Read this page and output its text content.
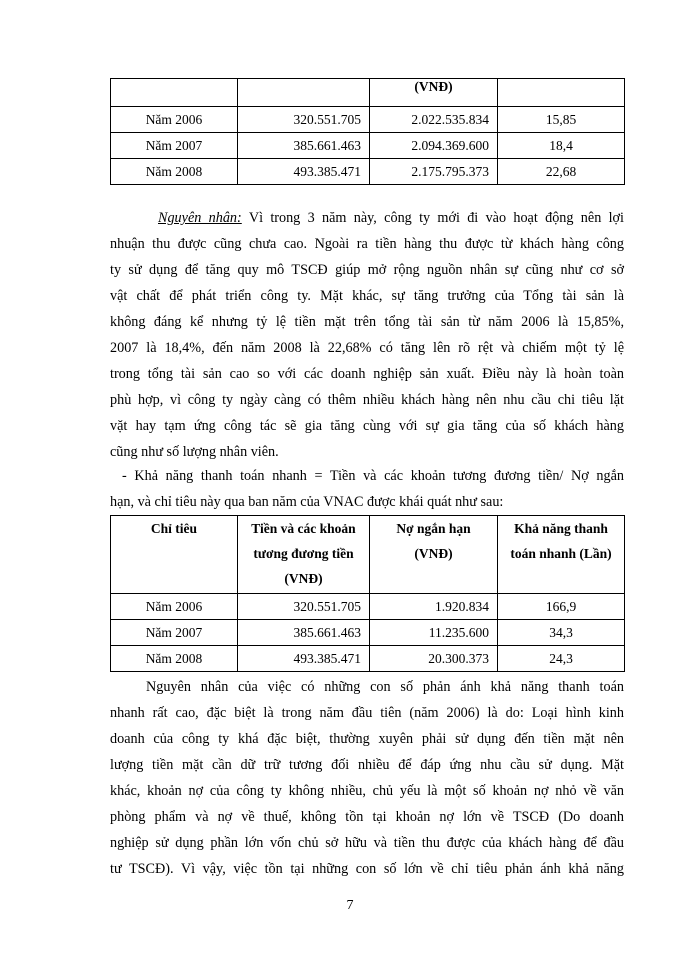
		(VNĐ)	
Năm 2006	320.551.705	2.022.535.834	15,85
Năm 2007	385.661.463	2.094.369.600	18,4
Năm 2008	493.385.471	2.175.795.373	22,68
Nguyên nhân: Vì trong 3 năm này, công ty mới đi vào hoạt động nên lợi
nhuận thu được cũng chưa cao. Ngoài ra tiền hàng thu được từ khách hàng công
ty sử dụng để tăng quy mô TSCĐ giúp mở rộng nguồn nhân sự cũng như cơ sở
vật chất để phát triển công ty. Mặt khác, sự tăng trưởng của Tổng tài sản là
không đáng kể nhưng tỷ lệ tiền mặt trên tổng tài sản từ năm 2006 là 15,85%,
2007 là 18,4%, đến năm 2008 là 22,68% có tăng lên rõ rệt và chiếm một tỷ lệ
trong tổng tài sản cao so với các doanh nghiệp sản xuất. Điều này là hoàn toàn
phù hợp, vì công ty ngày càng có thêm nhiều khách hàng nên nhu cầu chi tiêu lặt
vặt hay tạm ứng công tác sẽ gia tăng cùng với sự gia tăng của số khách hàng
cũng như số lượng nhân viên.
- Khả năng thanh toán nhanh = Tiền và các khoản tương đương tiền/ Nợ ngắn
hạn, và chỉ tiêu này qua ban năm của VNAC được khái quát như sau:
Chỉ tiêu	Tiền và các khoản
tương đương tiền
(VNĐ)	Nợ ngắn hạn
(VNĐ)	Khả năng thanh
toán nhanh (Lần)
Năm 2006	320.551.705	1.920.834	166,9
Năm 2007	385.661.463	11.235.600	34,3
Năm 2008	493.385.471	20.300.373	24,3
Nguyên nhân của việc có những con số phản ánh khả năng thanh toán
nhanh rất cao, đặc biệt là trong năm đầu tiên (năm 2006) là do: Loại hình kinh
doanh của công ty khá đặc biệt, thường xuyên phải sử dụng đến tiền mặt nên
lượng tiền mặt cần dữ trữ tương đối nhiều để đáp ứng nhu cầu sử dụng. Mặt
khác, khoản nợ của công ty không nhiều, chủ yếu là một số khoản nợ nhỏ về văn
phòng phẩm và nợ về thuế, không tồn tại khoản nợ lớn về TSCĐ (Do doanh
nghiệp sử dụng phần lớn vốn chủ sở hữu và tiền thu được của khách hàng để đầu
tư TSCĐ). Vì vậy, việc tồn tại những con số lớn về chỉ tiêu phản ánh khả năng
7
